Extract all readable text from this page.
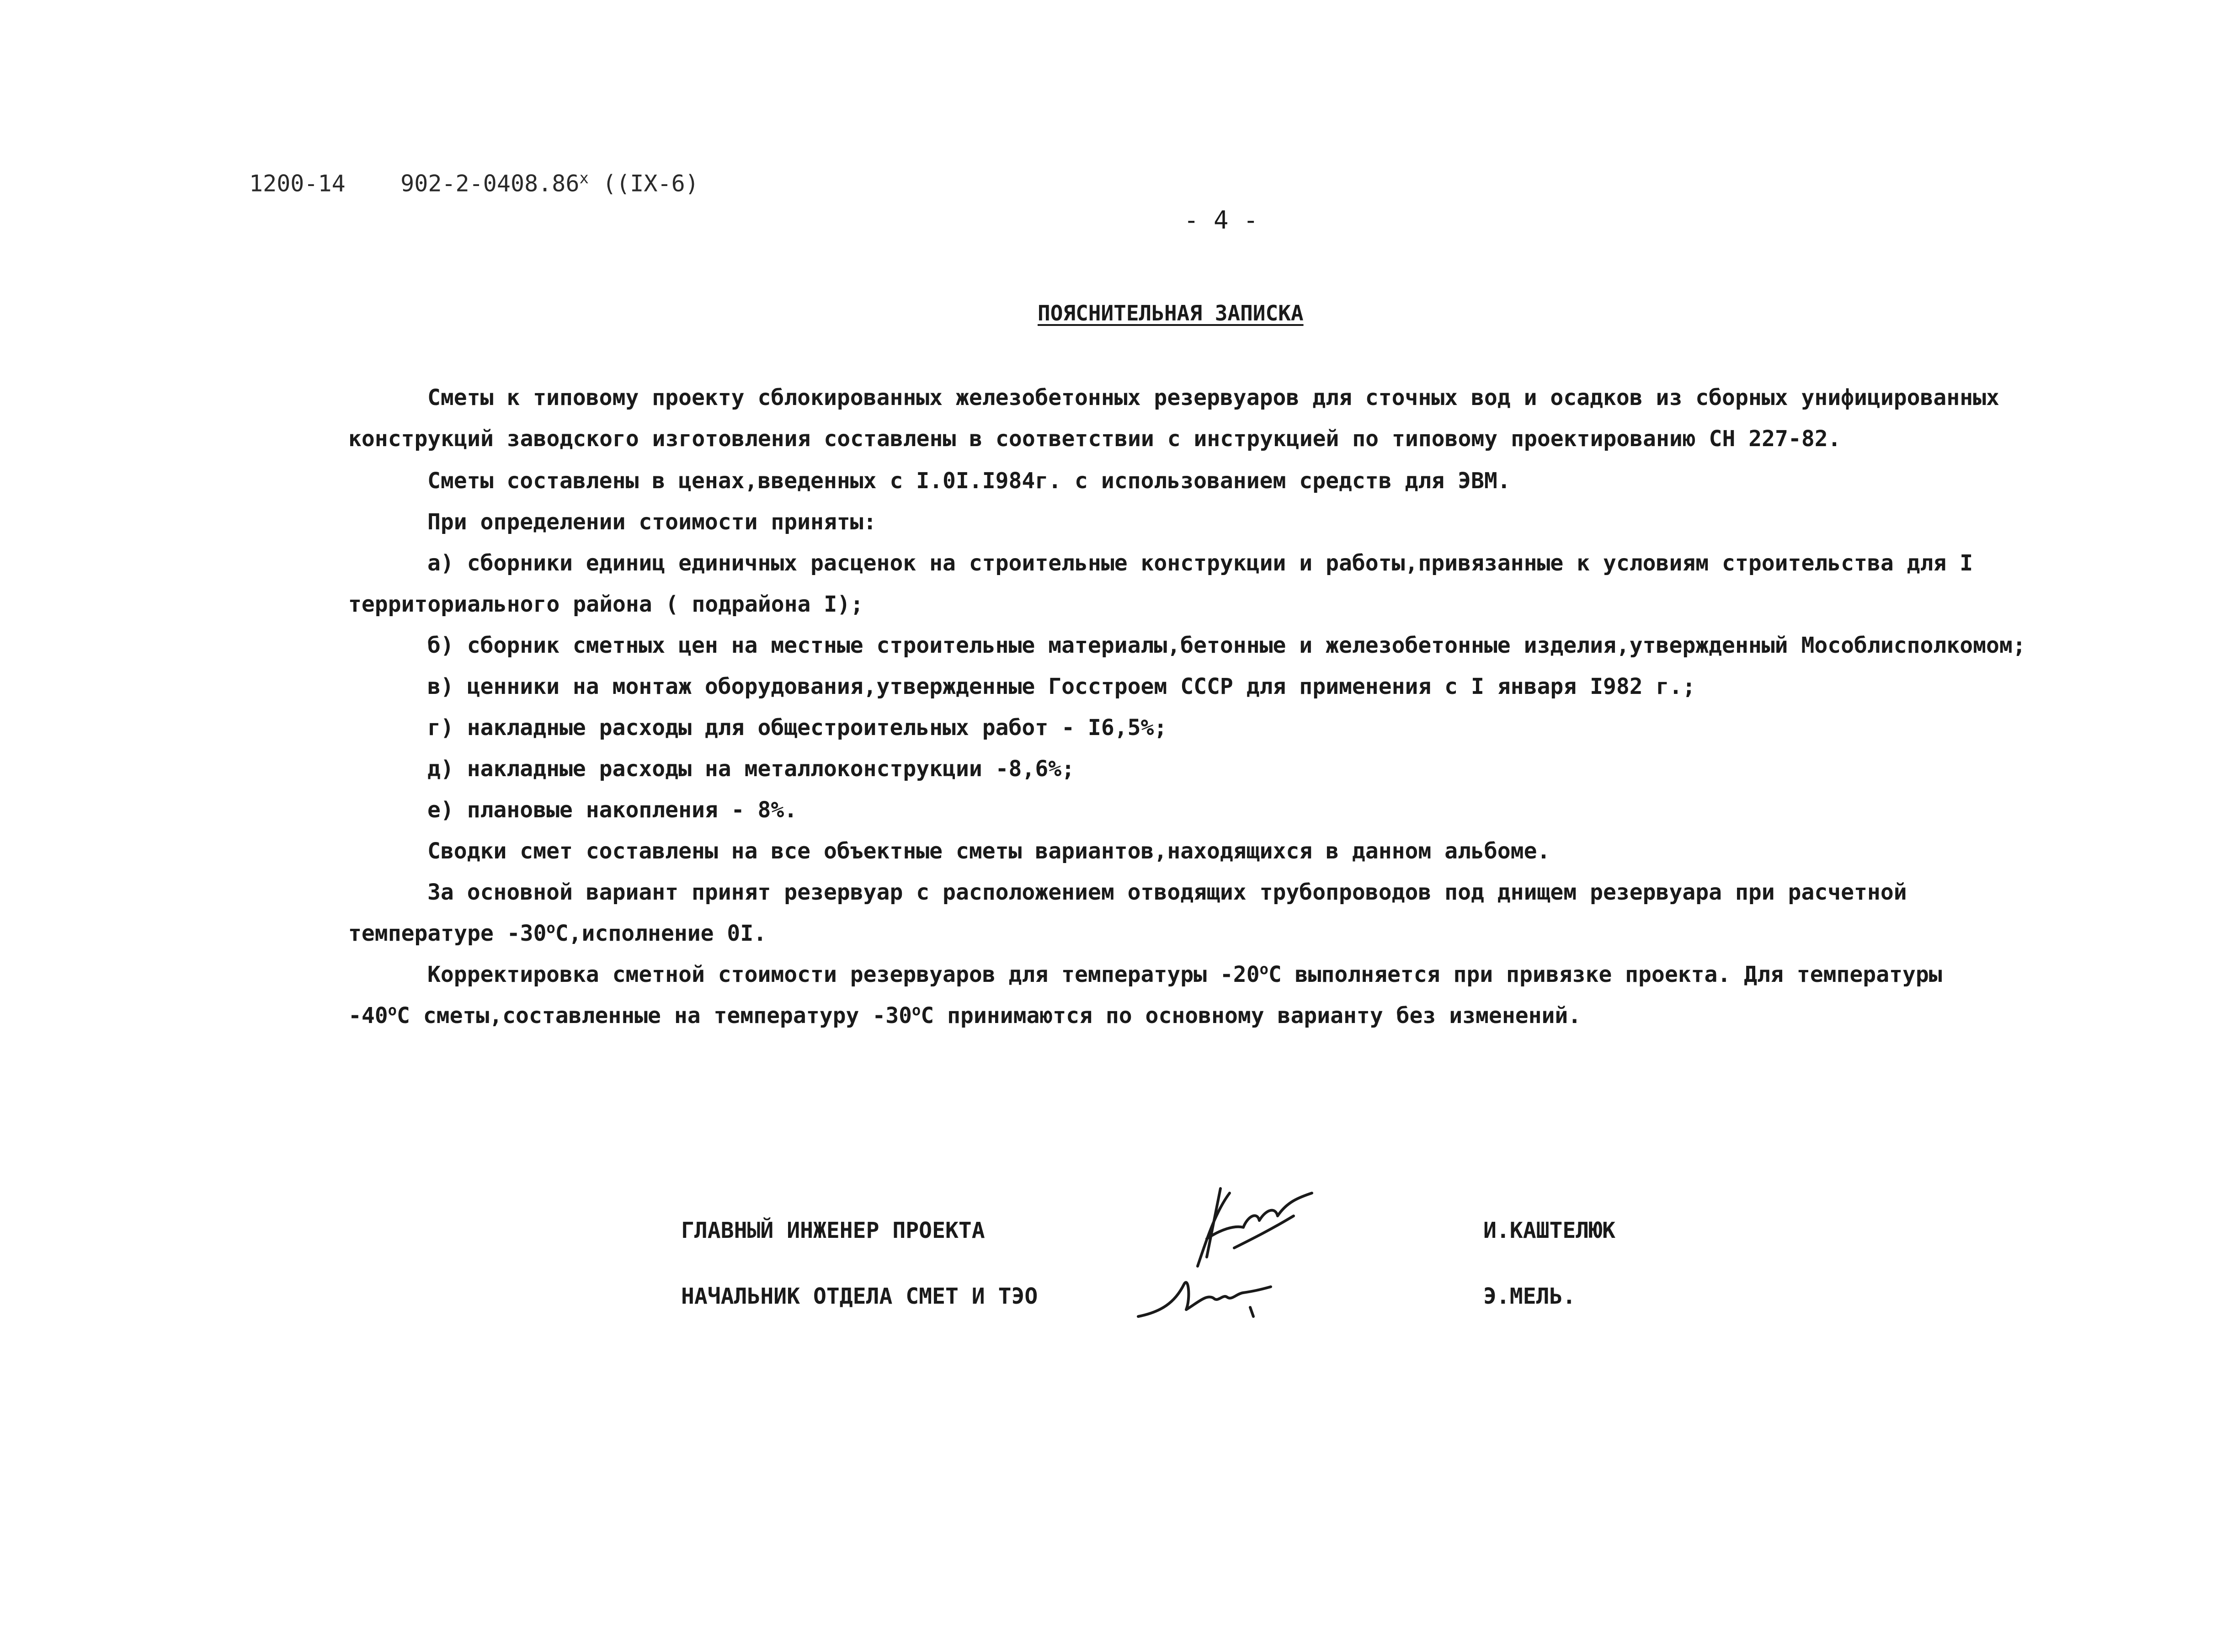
1200-14 902-2-0408.86$^x$ ((IX-6)
- 4 -
ПОЯСНИТЕЛЬНАЯ ЗАПИСКА
Сметы к типовому проекту сблокированных железобетонных резервуаров для сточных вод и осадков из сборных унифицированных
конструкций заводского изготовления составлены в соответствии с инструкцией по типовому проектированию СН 227-82.
Сметы составлены в ценах,введенных с I.0I.I984г. с использованием средств для ЭВМ.
При определении стоимости приняты:
а) сборники единиц единичных расценок на строительные конструкции и работы,привязанные к условиям строительства для I
территориального района ( подрайона I);
б) сборник сметных цен на местные строительные материалы,бетонные и железобетонные изделия,утвержденный Мособлисполкомом;
в) ценники на монтаж оборудования,утвержденные Госстроем СССР для применения с I января I982 г.;
г) накладные расходы для общестроительных работ - I6,5%;
д) накладные расходы на металлоконструкции -8,6%;
е) плановые накопления - 8%.
Сводки смет составлены на все объектные сметы вариантов,находящихся в данном альбоме.
За основной вариант принят резервуар с расположением отводящих трубопроводов под днищем резервуара при расчетной
температуре $-30^оС,исполнение$ 0I.
Корректировка сметной стоимости резервуаров для температуры $-20^оС$ выполняется при привязке проекта. Для температуры
$-40^оС$ сметы,составленные на температуру $-30^оС$ принимаются по основному варианту без изменений.
ГЛАВНЫЙ ИНЖЕНЕР ПРОЕКТА	И.КАШТЕЛЮК
НАЧАЛЬНИК ОТДЕЛА СМЕТ И ТЭО	Э.МЕЛЬ.
